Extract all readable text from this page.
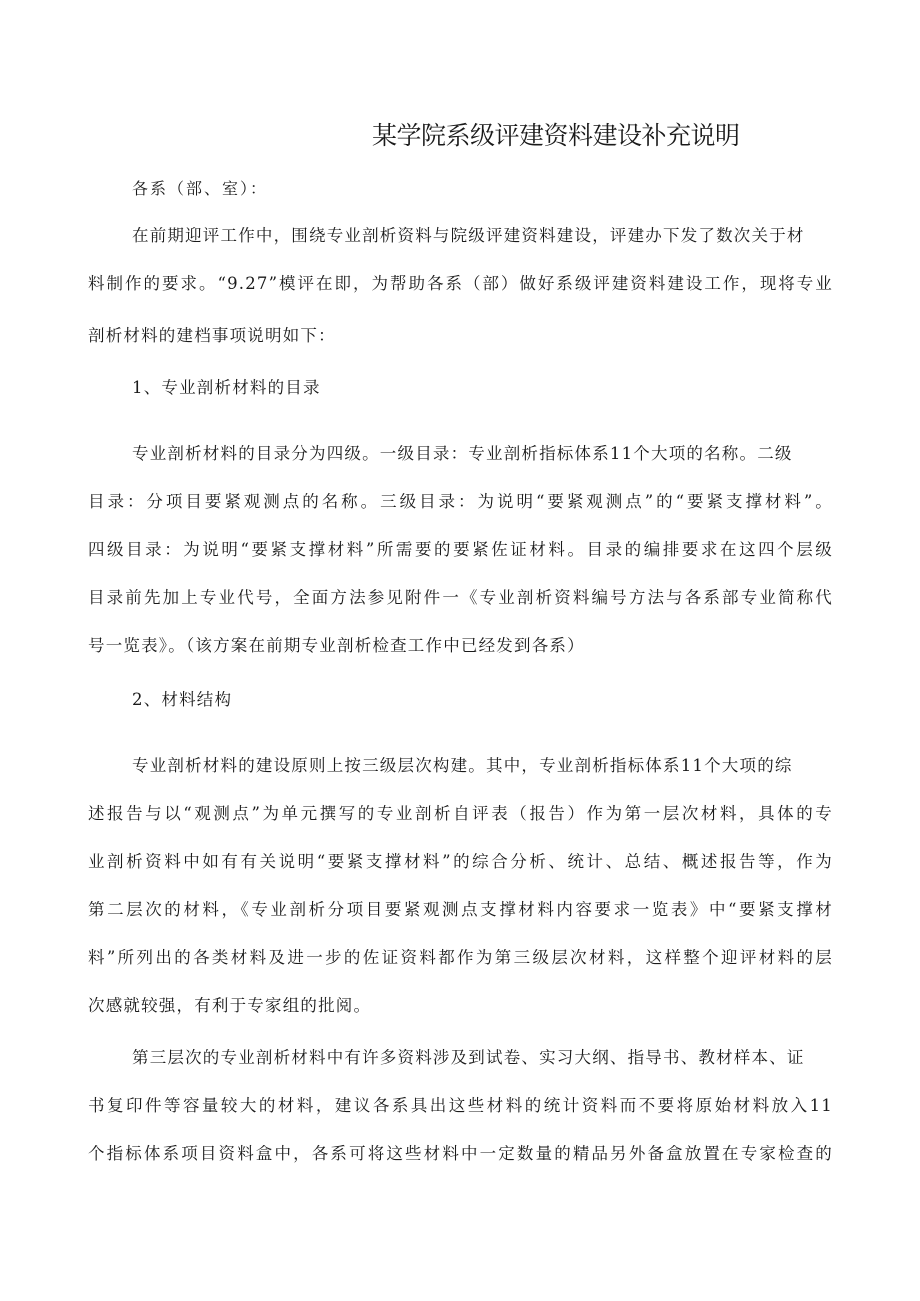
某学院系级评建资料建设补充说明
各系（部、室）：
在前期迎评工作中，围绕专业剖析资料与院级评建资料建设，评建办下发了数次关于材
料制作的要求。“9.27”模评在即，为帮助各系（部）做好系级评建资料建设工作，现将专业
剖析材料的建档事项说明如下：
1、专业剖析材料的目录
专业剖析材料的目录分为四级。一级目录：专业剖析指标体系11个大项的名称。二级
目录：分项目要紧观测点的名称。三级目录：为说明“要紧观测点”的“要紧支撑材料”。
四级目录：为说明“要紧支撑材料”所需要的要紧佐证材料。目录的编排要求在这四个层级
目录前先加上专业代号，全面方法参见附件一《专业剖析资料编号方法与各系部专业简称代
号一览表》。（该方案在前期专业剖析检查工作中已经发到各系）
2、材料结构
专业剖析材料的建设原则上按三级层次构建。其中，专业剖析指标体系11个大项的综
述报告与以“观测点”为单元撰写的专业剖析自评表（报告）作为第一层次材料，具体的专
业剖析资料中如有有关说明“要紧支撑材料”的综合分析、统计、总结、概述报告等，作为
第二层次的材料，《专业剖析分项目要紧观测点支撑材料内容要求一览表》中“要紧支撑材
料”所列出的各类材料及进一步的佐证资料都作为第三级层次材料，这样整个迎评材料的层
次感就较强，有利于专家组的批阅。
第三层次的专业剖析材料中有许多资料涉及到试卷、实习大纲、指导书、教材样本、证
书复印件等容量较大的材料，建议各系具出这些材料的统计资料而不要将原始材料放入11
个指标体系项目资料盒中，各系可将这些材料中一定数量的精品另外备盒放置在专家检查的
